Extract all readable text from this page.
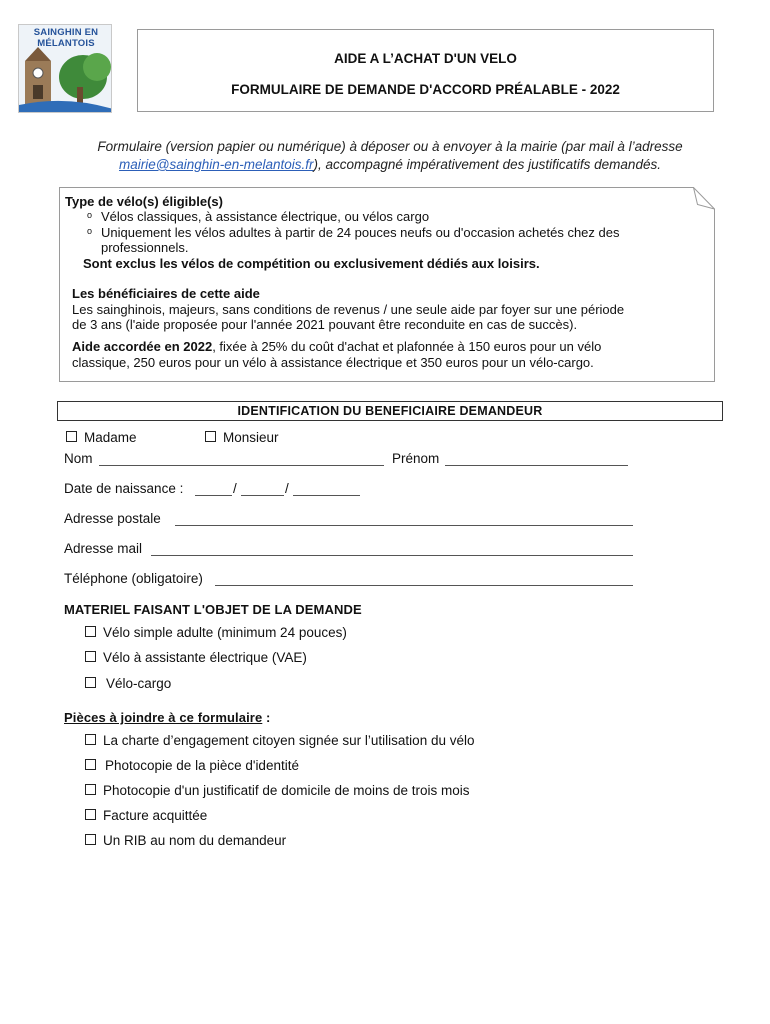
SAINGHIN EN
MÉLANTOIS
AIDE A L’ACHAT D'UN VELO
FORMULAIRE DE DEMANDE D'ACCORD PRÉALABLE - 2022
Formulaire (version papier ou numérique) à déposer ou à envoyer à la mairie (par mail à l’adresse
mairie@sainghin-en-melantois.fr), accompagné impérativement des justificatifs demandés.
Type de vélo(s) éligible(s)
o Vélos classiques, à assistance électrique, ou vélos cargo
o Uniquement les vélos adultes à partir de 24 pouces neufs ou d'occasion achetés chez des
professionnels.
Sont exclus les vélos de compétition ou exclusivement dédiés aux loisirs.
Les bénéficiaires de cette aide
Les sainghinois, majeurs, sans conditions de revenus / une seule aide par foyer sur une période
de 3 ans (l'aide proposée pour l'année 2021 pouvant être reconduite en cas de succès).
Aide accordée en 2022, fixée à 25% du coût d'achat et plafonnée à 150 euros pour un vélo
classique, 250 euros pour un vélo à assistance électrique et 350 euros pour un vélo-cargo.
IDENTIFICATION DU BENEFICIAIRE DEMANDEUR
Madame	Monsieur
Nom	Prénom
Date de naissance :	/	/
Adresse postale
Adresse mail
Téléphone (obligatoire)
MATERIEL FAISANT L'OBJET DE LA DEMANDE
Vélo simple adulte (minimum 24 pouces)
Vélo à assistante électrique (VAE)
Vélo-cargo
Pièces à joindre à ce formulaire :
La charte d’engagement citoyen signée sur l’utilisation du vélo
Photocopie de la pièce d'identité
Photocopie d'un justificatif de domicile de moins de trois mois
Facture acquittée
Un RIB au nom du demandeur
